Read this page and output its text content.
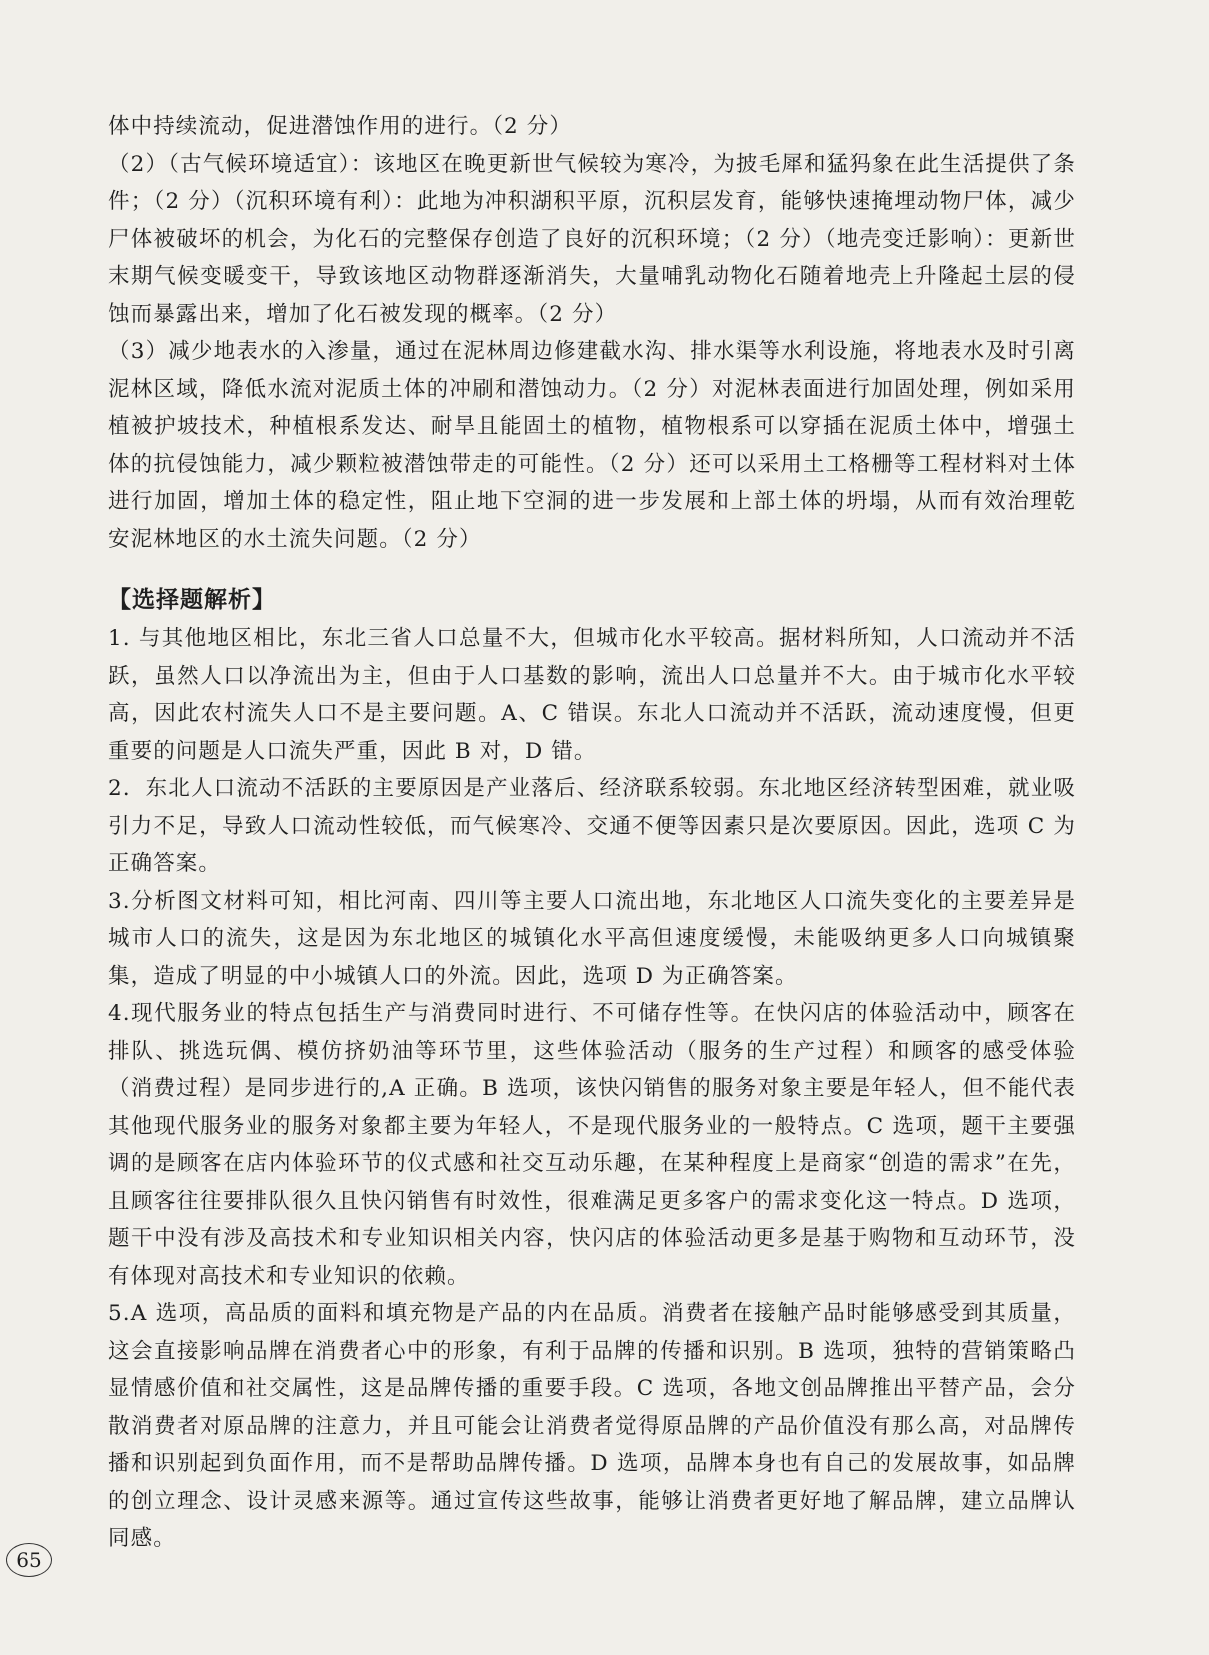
体中持续流动，促进潜蚀作用的进行。（2 分）

（2）（古气候环境适宜）：该地区在晚更新世气候较为寒冷，为披毛犀和猛犸象在此生活提供了条件；（2 分）（沉积环境有利）：此地为冲积湖积平原，沉积层发育，能够快速掩埋动物尸体，减少尸体被破坏的机会，为化石的完整保存创造了良好的沉积环境；（2 分）（地壳变迁影响）：更新世末期气候变暖变干，导致该地区动物群逐渐消失，大量哺乳动物化石随着地壳上升隆起土层的侵蚀而暴露出来，增加了化石被发现的概率。（2 分）

（3）减少地表水的入渗量，通过在泥林周边修建截水沟、排水渠等水利设施，将地表水及时引离泥林区域，降低水流对泥质土体的冲刷和潜蚀动力。（2 分）对泥林表面进行加固处理，例如采用植被护坡技术，种植根系发达、耐旱且能固土的植物，植物根系可以穿插在泥质土体中，增强土体的抗侵蚀能力，减少颗粒被潜蚀带走的可能性。（2 分）还可以采用土工格栅等工程材料对土体进行加固，增加土体的稳定性，阻止地下空洞的进一步发展和上部土体的坍塌，从而有效治理乾安泥林地区的水土流失问题。（2 分）

【选择题解析】

1. 与其他地区相比，东北三省人口总量不大，但城市化水平较高。据材料所知，人口流动并不活跃，虽然人口以净流出为主，但由于人口基数的影响，流出人口总量并不大。由于城市化水平较高，因此农村流失人口不是主要问题。A、C 错误。东北人口流动并不活跃，流动速度慢，但更重要的问题是人口流失严重，因此 B 对，D 错。

2．东北人口流动不活跃的主要原因是产业落后、经济联系较弱。东北地区经济转型困难，就业吸引力不足，导致人口流动性较低，而气候寒冷、交通不便等因素只是次要原因。因此，选项 C 为正确答案。

3.分析图文材料可知，相比河南、四川等主要人口流出地，东北地区人口流失变化的主要差异是城市人口的流失，这是因为东北地区的城镇化水平高但速度缓慢，未能吸纳更多人口向城镇聚集，造成了明显的中小城镇人口的外流。因此，选项 D 为正确答案。

4.现代服务业的特点包括生产与消费同时进行、不可储存性等。在快闪店的体验活动中，顾客在排队、挑选玩偶、模仿挤奶油等环节里，这些体验活动（服务的生产过程）和顾客的感受体验（消费过程）是同步进行的,A 正确。B 选项，该快闪销售的服务对象主要是年轻人，但不能代表其他现代服务业的服务对象都主要为年轻人，不是现代服务业的一般特点。C 选项，题干主要强调的是顾客在店内体验环节的仪式感和社交互动乐趣，在某种程度上是商家“创造的需求”在先，且顾客往往要排队很久且快闪销售有时效性，很难满足更多客户的需求变化这一特点。D 选项，题干中没有涉及高技术和专业知识相关内容，快闪店的体验活动更多是基于购物和互动环节，没有体现对高技术和专业知识的依赖。

5.A 选项，高品质的面料和填充物是产品的内在品质。消费者在接触产品时能够感受到其质量，这会直接影响品牌在消费者心中的形象，有利于品牌的传播和识别。B 选项，独特的营销策略凸显情感价值和社交属性，这是品牌传播的重要手段。C 选项，各地文创品牌推出平替产品，会分散消费者对原品牌的注意力，并且可能会让消费者觉得原品牌的产品价值没有那么高，对品牌传播和识别起到负面作用，而不是帮助品牌传播。D 选项，品牌本身也有自己的发展故事，如品牌的创立理念、设计灵感来源等。通过宣传这些故事，能够让消费者更好地了解品牌，建立品牌认同感。

65
